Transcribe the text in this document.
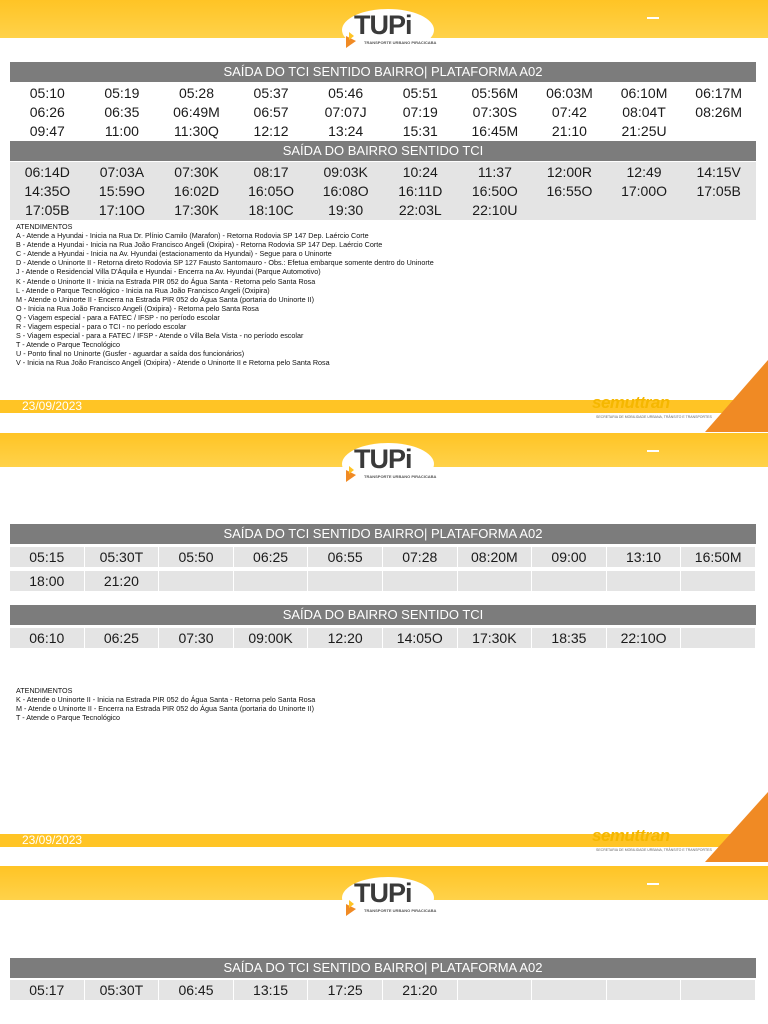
TUPi
TRANSPORTE URBANO PIRACICABA
SAÍDA DO TCI SENTIDO BAIRRO| PLATAFORMA A02
05:10	05:19	05:28	05:37	05:46	05:51	05:56M	06:03M	06:10M	06:17M
06:26	06:35	06:49M	06:57	07:07J	07:19	07:30S	07:42	08:04T	08:26M
09:47	11:00	11:30Q	12:12	13:24	15:31	16:45M	21:10	21:25U
SAÍDA DO BAIRRO SENTIDO TCI
06:14D	07:03A	07:30K	08:17	09:03K	10:24	11:37	12:00R	12:49	14:15V
14:35O	15:59O	16:02D	16:05O	16:08O	16:11D	16:50O	16:55O	17:00O	17:05B
17:05B	17:10O	17:30K	18:10C	19:30	22:03L	22:10U
ATENDIMENTOS
A - Atende a Hyundai - Inicia na Rua Dr. Plínio Camilo (Marafon) - Retorna Rodovia SP 147 Dep. Laércio Corte
B - Atende a Hyundai - Inicia na Rua João Francisco Angeli (Oxipira) - Retorna Rodovia SP 147 Dep. Laércio Corte
C - Atende a Hyundai - Inicia na Av. Hyundai (estacionamento da Hyundai) - Segue para o Uninorte
D - Atende o Uninorte II - Retorna direto Rodovia SP 127 Fausto Santomauro - Obs.: Efetua embarque somente dentro do Uninorte
J - Atende o Residencial Villa D'Áquila e Hyundai - Encerra na Av. Hyundai (Parque Automotivo)
K - Atende o Uninorte II - Inicia na Estrada PIR 052 do Água Santa - Retorna pelo Santa Rosa
L - Atende o Parque Tecnológico - Inicia na Rua João Francisco Angeli (Oxipira)
M - Atende o Uninorte II - Encerra na Estrada PIR 052 do Água Santa (portaria do Uninorte II)
O - Inicia na Rua João Francisco Angeli (Oxipira) - Retorna pelo Santa Rosa
Q - Viagem especial - para a FATEC / IFSP - no período escolar
R - Viagem especial - para o TCI - no período escolar
S - Viagem especial - para a FATEC / IFSP - Atende o Villa Bela Vista - no período escolar
T - Atende o Parque Tecnológico
U - Ponto final no Uninorte (Gusfer - aguardar a saída dos funcionários)
V - Inicia na Rua João Francisco Angeli (Oxipira) - Atende o Uninorte II e Retorna pelo Santa Rosa
23/09/2023	semuttran
SECRETARIA DE MOBILIDADE URBANA, TRÂNSITO E TRANSPORTES
TUPi
TRANSPORTE URBANO PIRACICABA
SAÍDA DO TCI SENTIDO BAIRRO| PLATAFORMA A02
05:15	05:30T	05:50	06:25	06:55	07:28	08:20M	09:00	13:10	16:50M
18:00	21:20
SAÍDA DO BAIRRO SENTIDO TCI
06:10	06:25	07:30	09:00K	12:20	14:05O	17:30K	18:35	22:10O
ATENDIMENTOS
K - Atende o Uninorte II - Inicia na Estrada PIR 052 do Água Santa - Retorna pelo Santa Rosa
M - Atende o Uninorte II - Encerra na Estrada PIR 052 do Água Santa (portaria do Uninorte II)
T - Atende o Parque Tecnológico
23/09/2023	semuttran
SECRETARIA DE MOBILIDADE URBANA, TRÂNSITO E TRANSPORTES
TUPi
TRANSPORTE URBANO PIRACICABA
SAÍDA DO TCI SENTIDO BAIRRO| PLATAFORMA A02
05:17	05:30T	06:45	13:15	17:25	21:20
